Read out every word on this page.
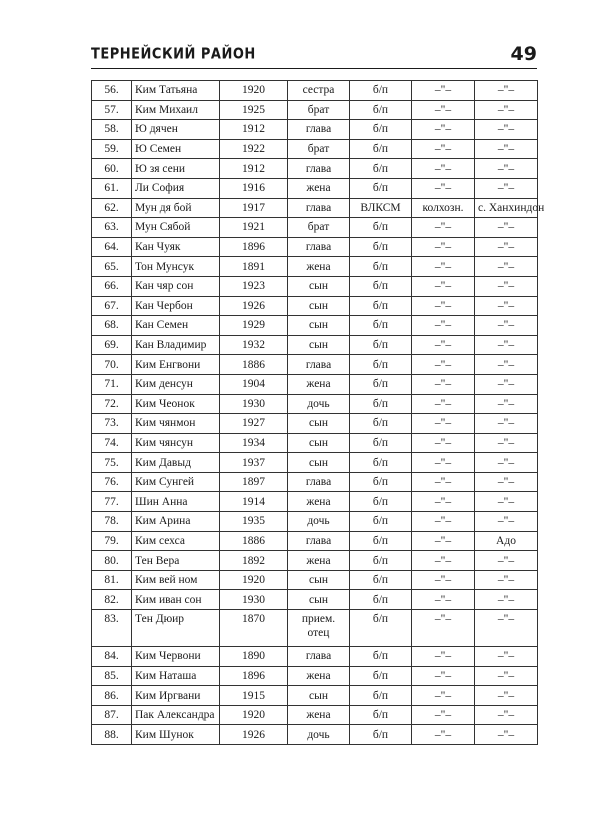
ТЕРНЕЙСКИЙ РАЙОН	49
56.	Ким Татьяна	1920	сестра	б/п	–"–	–"–
57.	Ким Михаил	1925	брат	б/п	–"–	–"–
58.	Ю дячен	1912	глава	б/п	–"–	–"–
59.	Ю Семен	1922	брат	б/п	–"–	–"–
60.	Ю зя сени	1912	глава	б/п	–"–	–"–
61.	Ли София	1916	жена	б/п	–"–	–"–
62.	Мун дя бой	1917	глава	ВЛКСМ	колхозн.	с. Ханхиндон
63.	Мун Сябой	1921	брат	б/п	–"–	–"–
64.	Кан Чуяк	1896	глава	б/п	–"–	–"–
65.	Тон Мунсук	1891	жена	б/п	–"–	–"–
66.	Кан чяр сон	1923	сын	б/п	–"–	–"–
67.	Кан Чербон	1926	сын	б/п	–"–	–"–
68.	Кан Семен	1929	сын	б/п	–"–	–"–
69.	Кан Владимир	1932	сын	б/п	–"–	–"–
70.	Ким Енгвони	1886	глава	б/п	–"–	–"–
71.	Ким денсун	1904	жена	б/п	–"–	–"–
72.	Ким Чеонок	1930	дочь	б/п	–"–	–"–
73.	Ким чянмон	1927	сын	б/п	–"–	–"–
74.	Ким чянсун	1934	сын	б/п	–"–	–"–
75.	Ким Давыд	1937	сын	б/п	–"–	–"–
76.	Ким Сунгей	1897	глава	б/п	–"–	–"–
77.	Шин Анна	1914	жена	б/п	–"–	–"–
78.	Ким Арина	1935	дочь	б/п	–"–	–"–
79.	Ким сехса	1886	глава	б/п	–"–	Адо
80.	Тен Вера	1892	жена	б/п	–"–	–"–
81.	Ким вей ном	1920	сын	б/п	–"–	–"–
82.	Ким иван сон	1930	сын	б/п	–"–	–"–
83.	Тен Дюир	1870	прием. отец	б/п	–"–	–"–
84.	Ким Червони	1890	глава	б/п	–"–	–"–
85.	Ким Наташа	1896	жена	б/п	–"–	–"–
86.	Ким Иргвани	1915	сын	б/п	–"–	–"–
87.	Пак Александра	1920	жена	б/п	–"–	–"–
88.	Ким Шунок	1926	дочь	б/п	–"–	–"–
